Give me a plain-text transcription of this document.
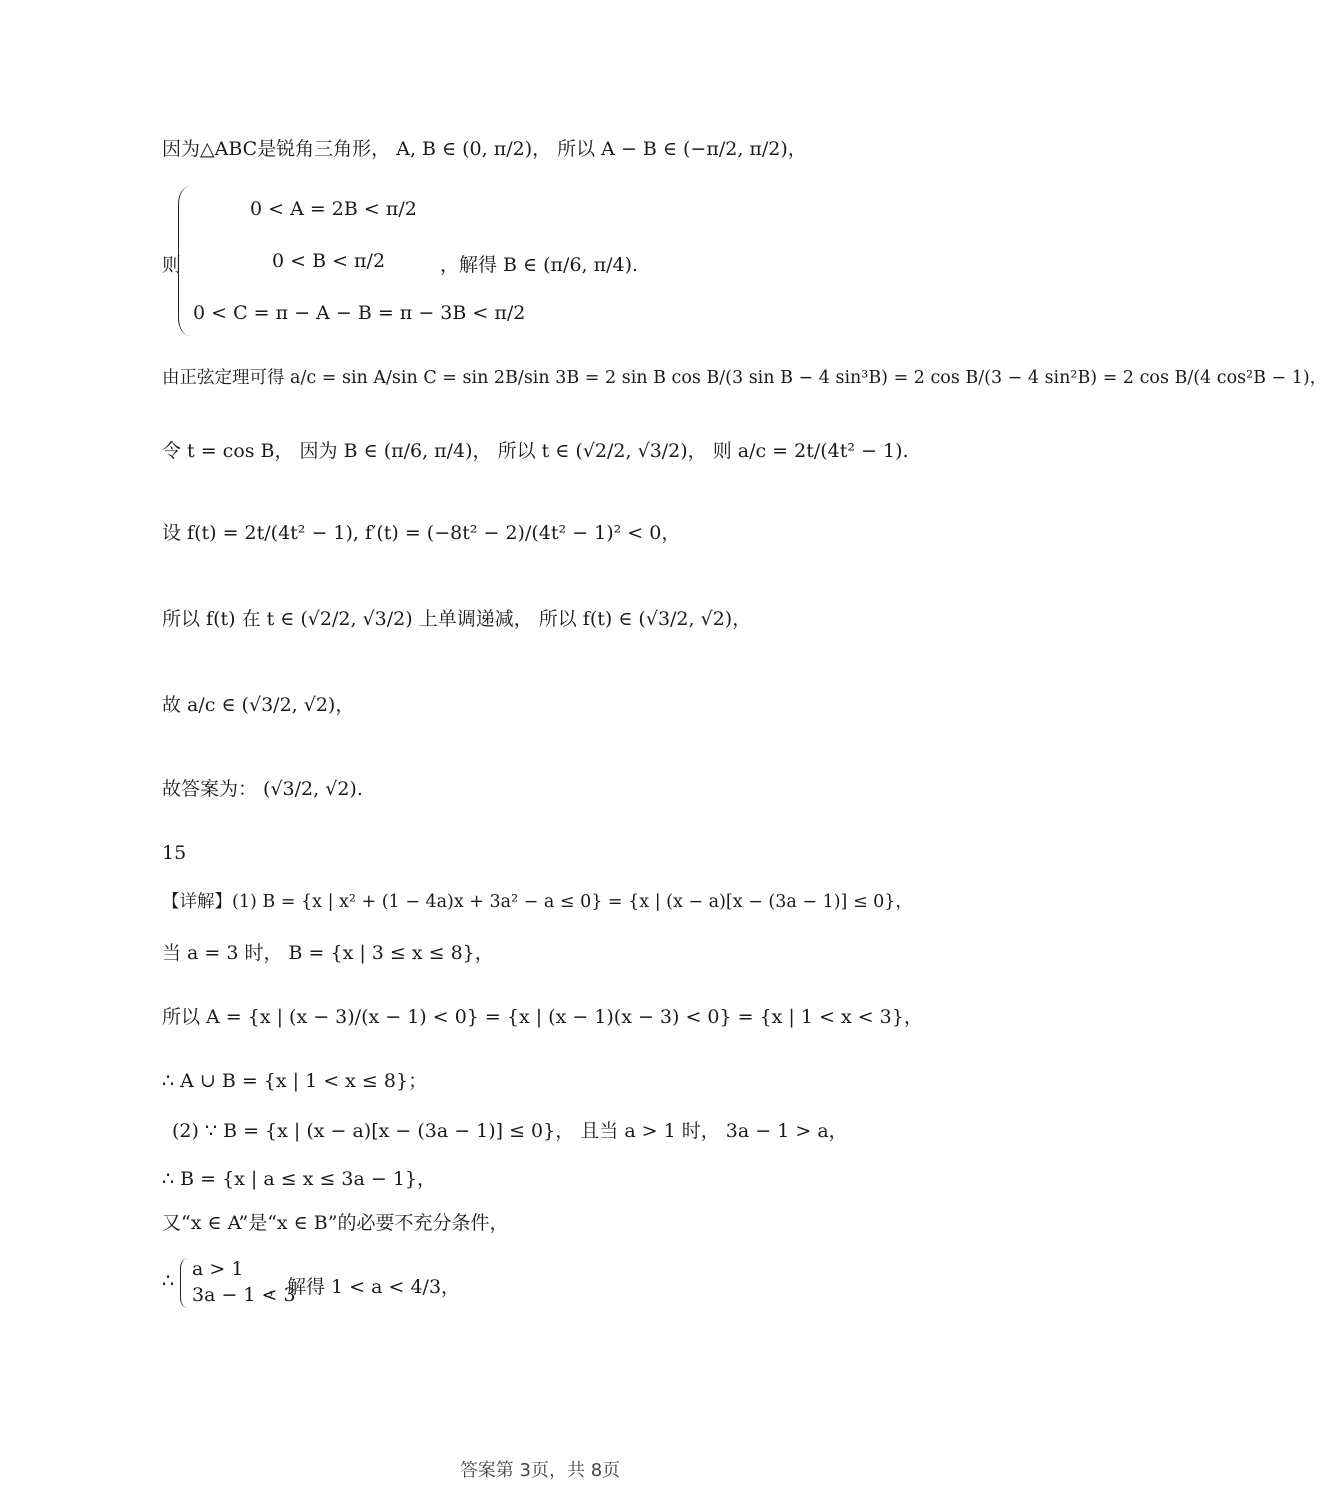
因为△ABC是锐角三角形， A, B ∈ (0, π/2)， 所以 A − B ∈ (−π/2, π/2)，
则
0 < A = 2B < π/2
0 < B < π/2
0 < C = π − A − B = π − 3B < π/2
，解得 B ∈ (π/6, π/4).
由正弦定理可得 a/c = sin A/sin C = sin 2B/sin 3B = 2 sin B cos B/(3 sin B − 4 sin³B) = 2 cos B/(3 − 4 sin²B) = 2 cos B/(4 cos²B − 1)，
令 t = cos B， 因为 B ∈ (π/6, π/4)， 所以 t ∈ (√2/2, √3/2)， 则 a/c = 2t/(4t² − 1).
设 f(t) = 2t/(4t² − 1), f′(t) = (−8t² − 2)/(4t² − 1)² < 0，
所以 f(t) 在 t ∈ (√2/2, √3/2) 上单调递减， 所以 f(t) ∈ (√3/2, √2)，
故 a/c ∈ (√3/2, √2)，
故答案为： (√3/2, √2).
15
【详解】(1) B = {x | x² + (1 − 4a)x + 3a² − a ≤ 0} = {x | (x − a)[x − (3a − 1)] ≤ 0}，
当 a = 3 时， B = {x | 3 ≤ x ≤ 8}，
所以 A = {x | (x − 3)/(x − 1) < 0} = {x | (x − 1)(x − 3) < 0} = {x | 1 < x < 3}，
∴ A ∪ B = {x | 1 < x ≤ 8}；
(2) ∵ B = {x | (x − a)[x − (3a − 1)] ≤ 0}， 且当 a > 1 时， 3a − 1 > a，
∴ B = {x | a ≤ x ≤ 3a − 1}，
又“x ∈ A”是“x ∈ B”的必要不充分条件，
∴
a > 1
3a − 1 < 3
，解得 1 < a < 4/3，
答案第 3页，共 8页
